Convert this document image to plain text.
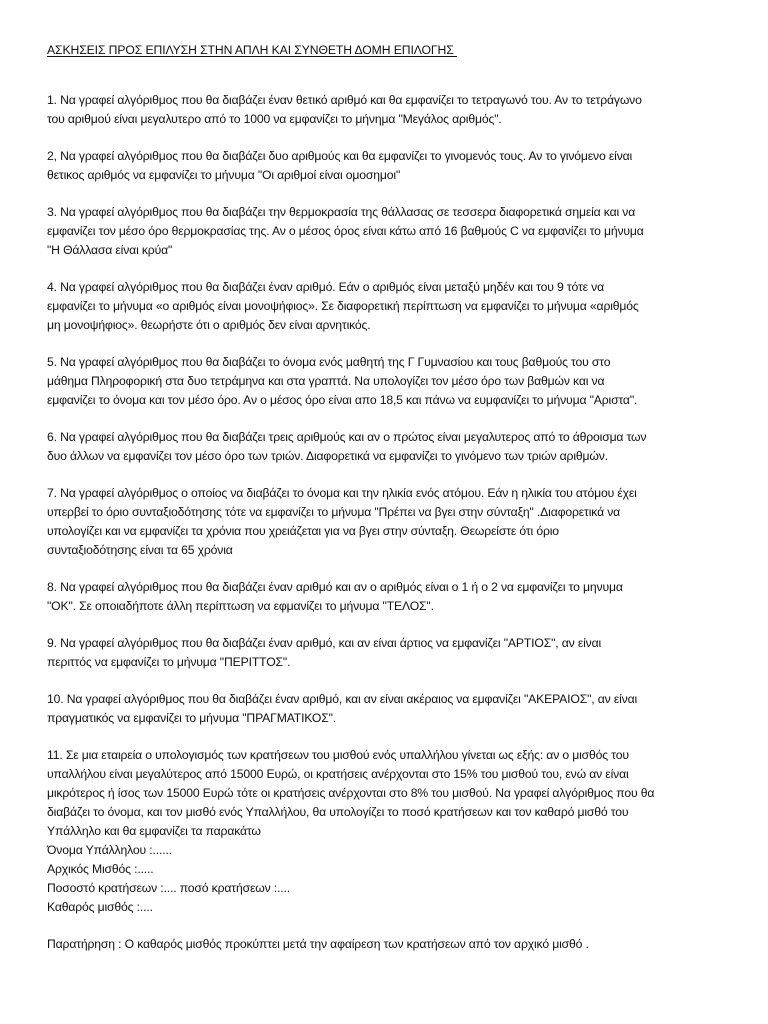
ΑΣΚΗΣΕΙΣ ΠΡΟΣ ΕΠΙΛΥΣΗ ΣΤΗΝ ΑΠΛΗ ΚΑΙ ΣΥΝΘΕΤΗ ΔΟΜΗ ΕΠΙΛΟΓΗΣ

1. Να γραφεί αλγόριθμος που θα διαβάζει έναν θετικό αριθμό και θα εμφανίζει το τετραγωνό του. Αν το τετράγωνο
του αριθμού είναι μεγαλυτερο από το 1000 να εμφανίζει το μήνημα "Μεγάλος αριθμός".

2, Να γραφεί αλγόριθμος που θα διαβάζει δυο αριθμούς και θα εμφανίζει το γινομενός τους. Αν το γινόμενο είναι
θετικος αριθμός να εμφανίζει το μήνυμα "Οι αριθμοί είναι ομοσημοι"

3. Να γραφεί αλγόριθμος που θα διαβάζει την θερμοκρασία της θάλλασας σε τεσσερα διαφορετικά σημεία και να
εμφανίζει τον μέσο όρο θερμοκρασίας της. Αν ο μέσος όρος είναι κάτω από 16 βαθμούς C να εμφανίζει το μήνυμα
"Η Θάλλασα είναι κρύα"

4. Να γραφεί αλγόριθμος που θα διαβάζει έναν αριθμό. Εάν ο αριθμός είναι μεταξύ μηδέν και του 9 τότε να
εμφανίζει το μήνυμα «ο αριθμός είναι μονοψήφιος». Σε διαφορετική περίπτωση να εμφανίζει το μήνυμα «αριθμός
μη μονοψήφιος». θεωρήστε ότι ο αριθμός δεν είναι αρνητικός.

5. Να γραφεί αλγόριθμος που θα διαβάζει το όνομα ενός μαθητή της Γ Γυμνασίου και τους βαθμούς του στο
μάθημα Πληροφορική στα δυο τετράμηνα και στα γραπτά. Να υπολογίζει τον μέσο όρο των βαθμών και να
εμφανίζει το όνομα και τον μέσο όρο. Αν ο μέσος όρο είναι απο 18,5 και πάνω να ευμφανίζει το μήνυμα "Αριστα".

6. Να γραφεί αλγόριθμος που θα διαβάζει τρεις αριθμούς και αν ο πρώτος είναι μεγαλυτερος από το άθροισμα των
δυο άλλων να εμφανίζει τον μέσο όρο των τριών. Διαφορετικά να εμφανίζει το γινόμενο των τριών αριθμών.

7. Να γραφεί αλγόριθμος ο οποίος να διαβάζει το όνομα και την ηλικία ενός ατόμου. Εάν η ηλικία του ατόμου έχει
υπερβεί το όριο συνταξιοδότησης τότε να εμφανίζει το μήνυμα "Πρέπει να βγει στην σύνταξη" .Διαφορετικά να
υπολογίζει και να εμφανίζει τα χρόνια που χρειάζεται για να βγει στην σύνταξη. Θεωρείστε ότι όριο
συνταξιοδότησης είναι τα 65 χρόνια

8. Να γραφεί αλγόριθμος που θα διαβάζει έναν αριθμό και αν ο αριθμός είναι ο 1 ή ο 2 να εμφανίζει το μηνυμα
"ΟΚ". Σε οποιαδήποτε άλλη περίπτωση να εφμανίζει το μήνυμα "ΤΕΛΟΣ".

9. Να γραφεί αλγόριθμος που θα διαβάζει έναν αριθμό, και αν είναι άρτιος να εμφανίζει "ΑΡΤΙΟΣ", αν είναι
περιττός να εμφανίζει το μήνυμα "ΠΕΡΙΤΤΟΣ".

10. Να γραφεί αλγόριθμος που θα διαβάζει έναν αριθμό, και αν είναι ακέραιος να εμφανίζει "ΑΚΕΡΑΙΟΣ", αν είναι
πραγματικός να εμφανίζει το μήνυμα "ΠΡΑΓΜΑΤΙΚΟΣ".

11. Σε μια εταιρεία ο υπολογισμός των κρατήσεων του μισθού ενός υπαλλήλου γίνεται ως εξής: αν ο μισθός του
υπαλλήλου είναι μεγαλύτερος από 15000 Ευρώ, οι κρατήσεις ανέρχονται στο 15% του μισθού του, ενώ αν είναι
μικρότερος ή ίσος των 15000 Ευρώ τότε οι κρατήσεις ανέρχονται στο 8% του μισθού. Να γραφεί αλγόριθμος που θα
διαβάζει το όνομα, και τον μισθό ενός Υπαλλήλου, θα υπολογίζει το ποσό κρατήσεων και τον καθαρό μισθό του
Υπάλληλο και θα εμφανίζει τα παρακάτω

Όνομα Υπάλληλου :......
Αρχικός Μισθός :.....
Ποσοστό κρατήσεων :.... ποσό κρατήσεων :....
Καθαρός μισθός :....

Παρατήρηση : Ο καθαρός μισθός προκύπτει μετά την αφαίρεση των κρατήσεων από τον αρχικό μισθό .
